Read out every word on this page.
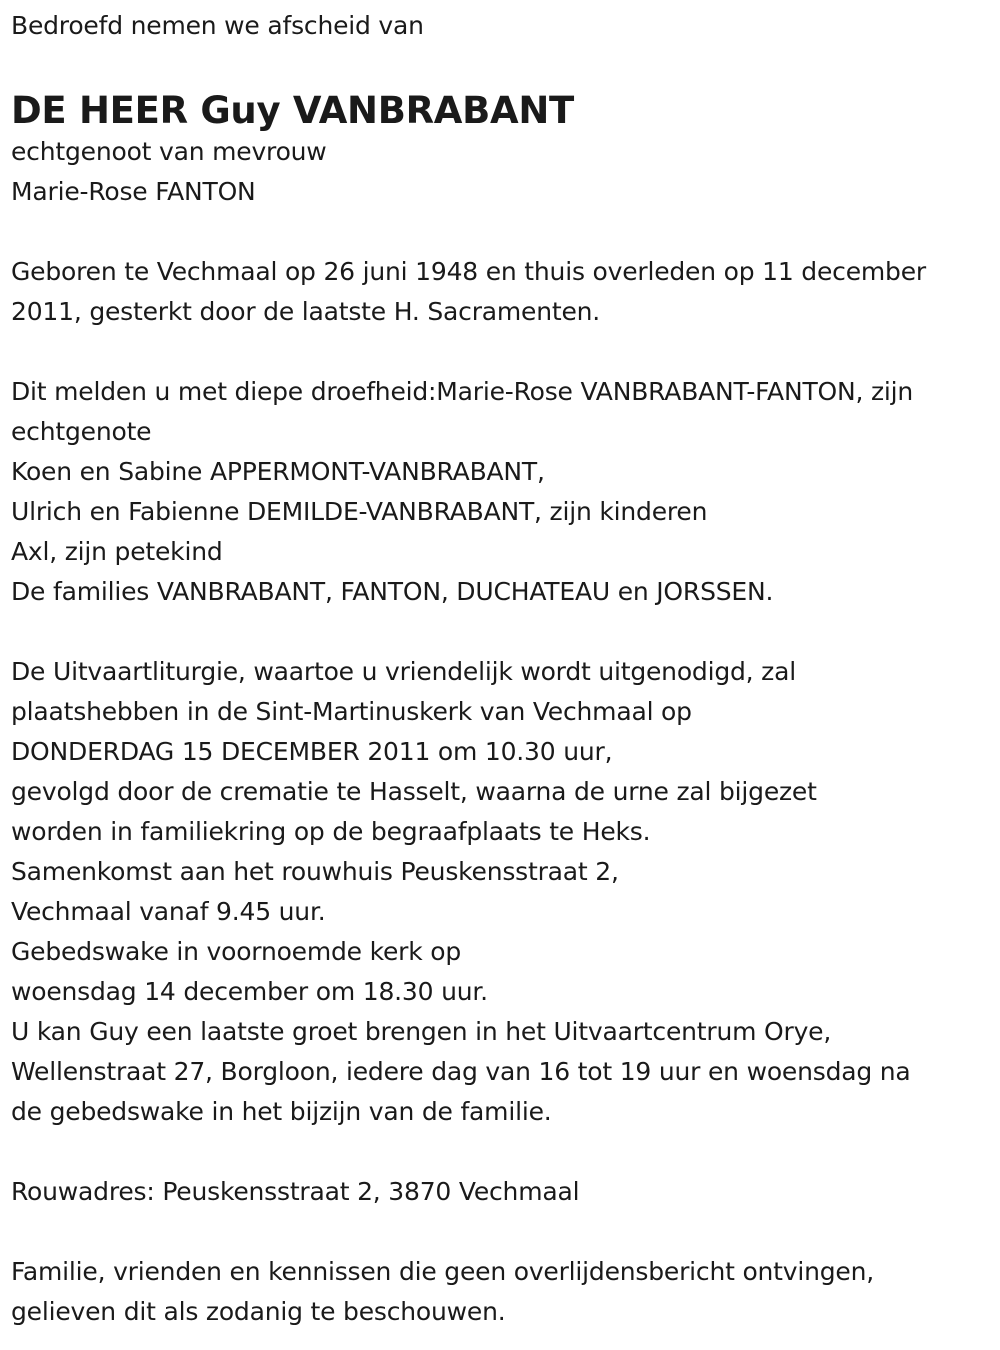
Bedroefd nemen we afscheid van
DE HEER Guy VANBRABANT
echtgenoot van mevrouw
Marie-Rose FANTON
Geboren te Vechmaal op 26 juni 1948 en thuis overleden op 11 december
2011, gesterkt door de laatste H. Sacramenten.
Dit melden u met diepe droefheid:Marie-Rose VANBRABANT-FANTON, zijn
echtgenote
Koen en Sabine APPERMONT-VANBRABANT,
Ulrich en Fabienne DEMILDE-VANBRABANT, zijn kinderen
Axl, zijn petekind
De families VANBRABANT, FANTON, DUCHATEAU en JORSSEN.
De Uitvaartliturgie, waartoe u vriendelijk wordt uitgenodigd, zal
plaatshebben in de Sint-Martinuskerk van Vechmaal op
DONDERDAG 15 DECEMBER 2011 om 10.30 uur,
gevolgd door de crematie te Hasselt, waarna de urne zal bijgezet
worden in familiekring op de begraafplaats te Heks.
Samenkomst aan het rouwhuis Peuskensstraat 2,
Vechmaal vanaf 9.45 uur.
Gebedswake in voornoemde kerk op
woensdag 14 december om 18.30 uur.
U kan Guy een laatste groet brengen in het Uitvaartcentrum Orye,
Wellenstraat 27, Borgloon, iedere dag van 16 tot 19 uur en woensdag na
de gebedswake in het bijzijn van de familie.
Rouwadres: Peuskensstraat 2, 3870 Vechmaal
Familie, vrienden en kennissen die geen overlijdensbericht ontvingen,
gelieven dit als zodanig te beschouwen.
